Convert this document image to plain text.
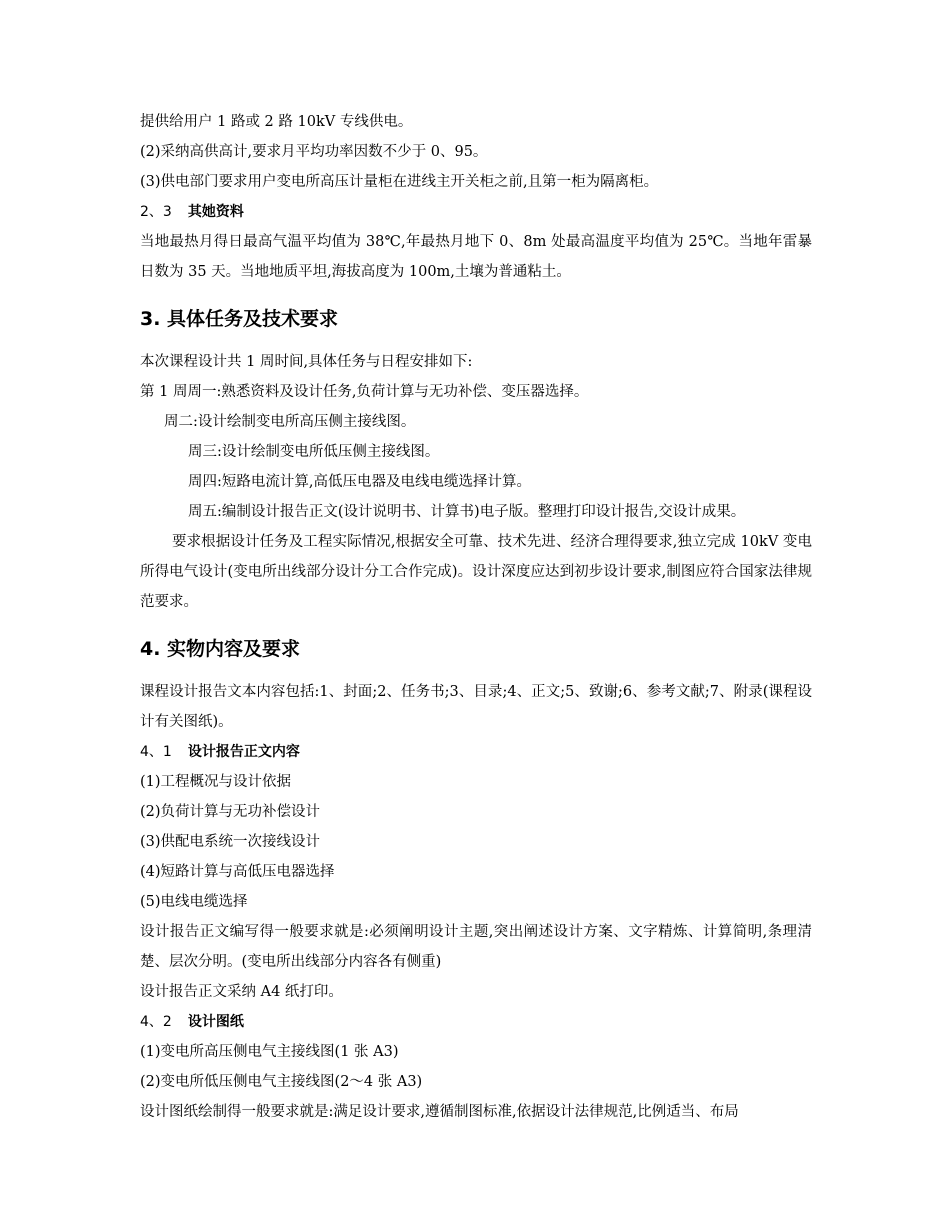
提供给用户 1 路或 2 路 10kV 专线供电。

(2)采纳高供高计,要求月平均功率因数不少于 0、95。

(3)供电部门要求用户变电所高压计量柜在进线主开关柜之前,且第一柜为隔离柜。

2、3 其她资料

当地最热月得日最高气温平均值为 38℃,年最热月地下 0、8m 处最高温度平均值为 25℃。当地年雷暴日数为 35 天。当地地质平坦,海拔高度为 100m,土壤为普通粘土。

3. 具体任务及技术要求

本次课程设计共 1 周时间,具体任务与日程安排如下:

第 1 周周一:熟悉资料及设计任务,负荷计算与无功补偿、变压器选择。

周二:设计绘制变电所高压侧主接线图。

周三:设计绘制变电所低压侧主接线图。

周四:短路电流计算,高低压电器及电线电缆选择计算。

周五:编制设计报告正文(设计说明书、计算书)电子版。整理打印设计报告,交设计成果。

要求根据设计任务及工程实际情况,根据安全可靠、技术先进、经济合理得要求,独立完成 10kV 变电所得电气设计(变电所出线部分设计分工合作完成)。设计深度应达到初步设计要求,制图应符合国家法律规范要求。

4. 实物内容及要求

课程设计报告文本内容包括:1、封面;2、任务书;3、目录;4、正文;5、致谢;6、参考文献;7、附录(课程设计有关图纸)。

4、1 设计报告正文内容

(1)工程概况与设计依据

(2)负荷计算与无功补偿设计

(3)供配电系统一次接线设计

(4)短路计算与高低压电器选择

(5)电线电缆选择

设计报告正文编写得一般要求就是:必须阐明设计主题,突出阐述设计方案、文字精炼、计算简明,条理清楚、层次分明。(变电所出线部分内容各有侧重)

设计报告正文采纳 A4 纸打印。

4、2 设计图纸

(1)变电所高压侧电气主接线图(1 张 A3)

(2)变电所低压侧电气主接线图(2～4 张 A3)

设计图纸绘制得一般要求就是:满足设计要求,遵循制图标准,依据设计法律规范,比例适当、布局
